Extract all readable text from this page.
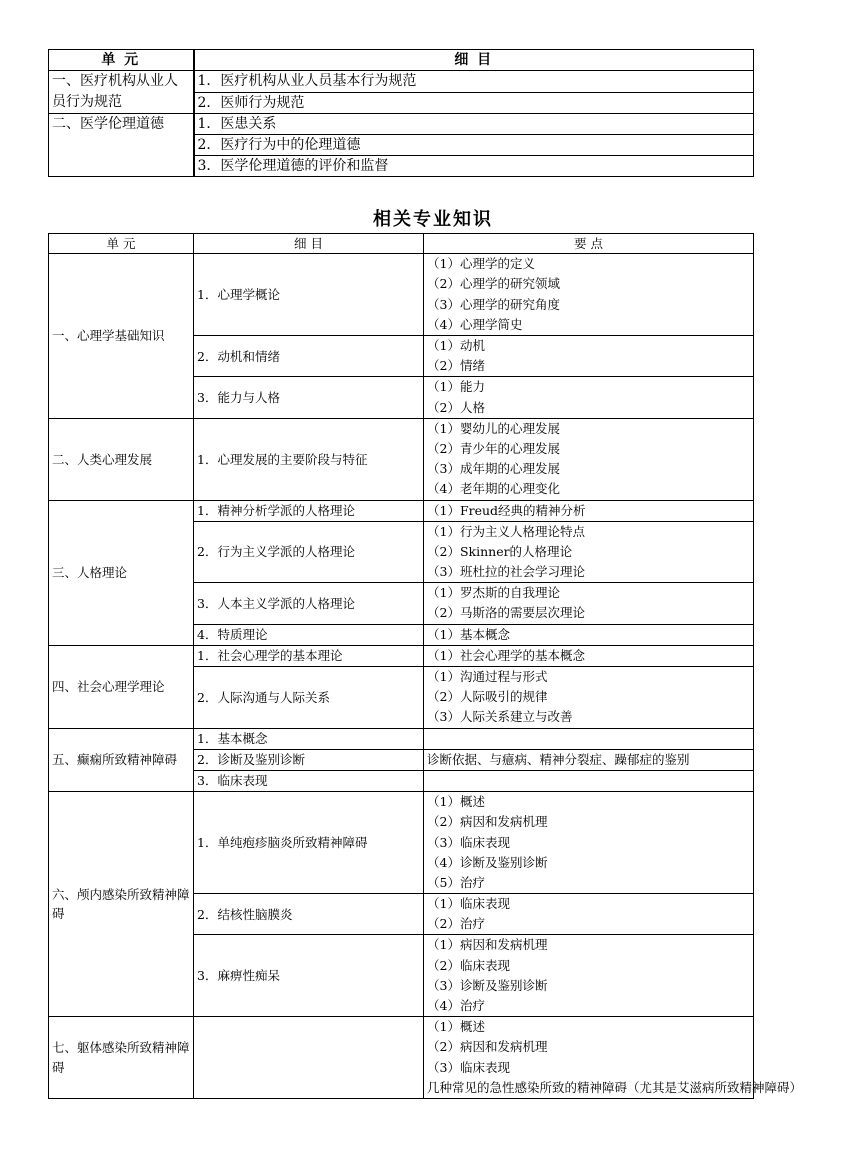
单 元	细 目
一、医疗机构从业人员行为规范	1．医疗机构从业人员基本行为规范
	2．医师行为规范
二、医学伦理道德	1．医患关系
	2．医疗行为中的伦理道德
	3．医学伦理道德的评价和监督
相关专业知识
单 元	细 目	要 点
一、心理学基础知识	1．心理学概论	（1）心理学的定义
（2）心理学的研究领域
（3）心理学的研究角度
（4）心理学简史

	2．动机和情绪	（1）动机
（2）情绪

	3．能力与人格	（1）能力
（2）人格

二、人类心理发展	1．心理发展的主要阶段与特征	（1）婴幼儿的心理发展
（2）青少年的心理发展
（3）成年期的心理发展
（4）老年期的心理变化

三、人格理论	1．精神分析学派的人格理论	（1）Freud经典的精神分析

	2．行为主义学派的人格理论	（1）行为主义人格理论特点
（2）Skinner的人格理论
（3）班杜拉的社会学习理论

	3．人本主义学派的人格理论	（1）罗杰斯的自我理论
（2）马斯洛的需要层次理论

	4．特质理论	（1）基本概念

四、社会心理学理论	1．社会心理学的基本理论	（1）社会心理学的基本概念

	2．人际沟通与人际关系	（1）沟通过程与形式
（2）人际吸引的规律
（3）人际关系建立与改善

五、癫痫所致精神障碍	1．基本概念	

	2．诊断及鉴别诊断	诊断依据、与癔病、精神分裂症、躁郁症的鉴别

	3．临床表现	

六、颅内感染所致精神障碍	1．单纯疱疹脑炎所致精神障碍	（1）概述
（2）病因和发病机理
（3）临床表现
（4）诊断及鉴别诊断
（5）治疗

	2．结核性脑膜炎	（1）临床表现
（2）治疗

	3．麻痹性痴呆	（1）病因和发病机理
（2）临床表现
（3）诊断及鉴别诊断
（4）治疗

七、躯体感染所致精神障碍		（1）概述
（2）病因和发病机理
（3）临床表现
几种常见的急性感染所致的精神障碍（尤其是艾滋病所致精神障碍）
